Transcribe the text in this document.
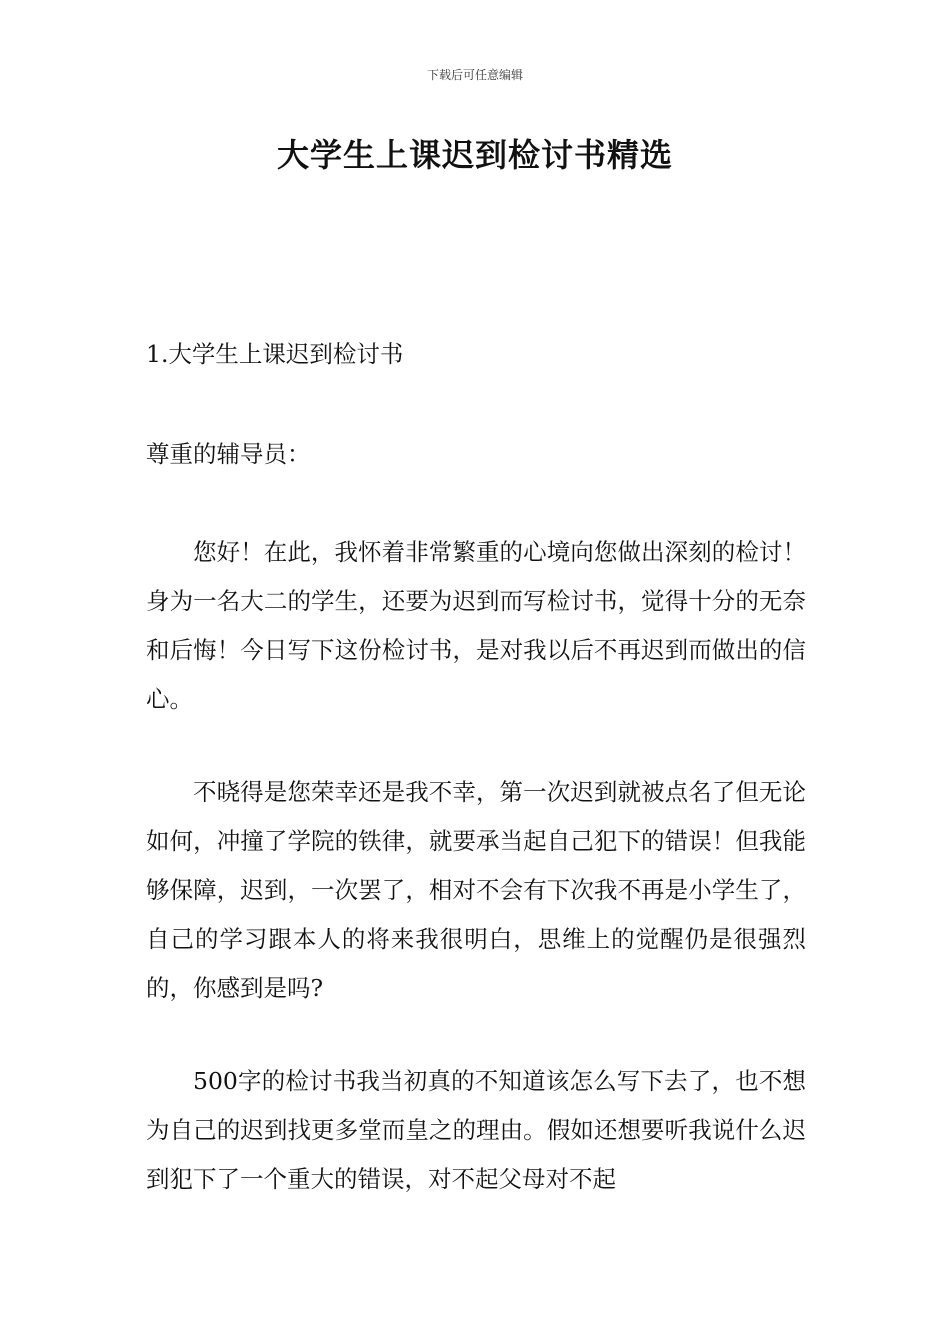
下载后可任意编辑
大学生上课迟到检讨书精选

1.大学生上课迟到检讨书

尊重的辅导员：

您好！在此，我怀着非常繁重的心境向您做出深刻的检讨！身为一名大二的学生，还要为迟到而写检讨书，觉得十分的无奈和后悔！今日写下这份检讨书，是对我以后不再迟到而做出的信心。

不晓得是您荣幸还是我不幸，第一次迟到就被点名了但无论如何，冲撞了学院的铁律，就要承当起自己犯下的错误！但我能够保障，迟到，一次罢了，相对不会有下次我不再是小学生了，自己的学习跟本人的将来我很明白，思维上的觉醒仍是很强烈的，你感到是吗?

500字的检讨书我当初真的不知道该怎么写下去了，也不想为自己的迟到找更多堂而皇之的理由。假如还想要听我说什么迟到犯下了一个重大的错误，对不起父母对不起
